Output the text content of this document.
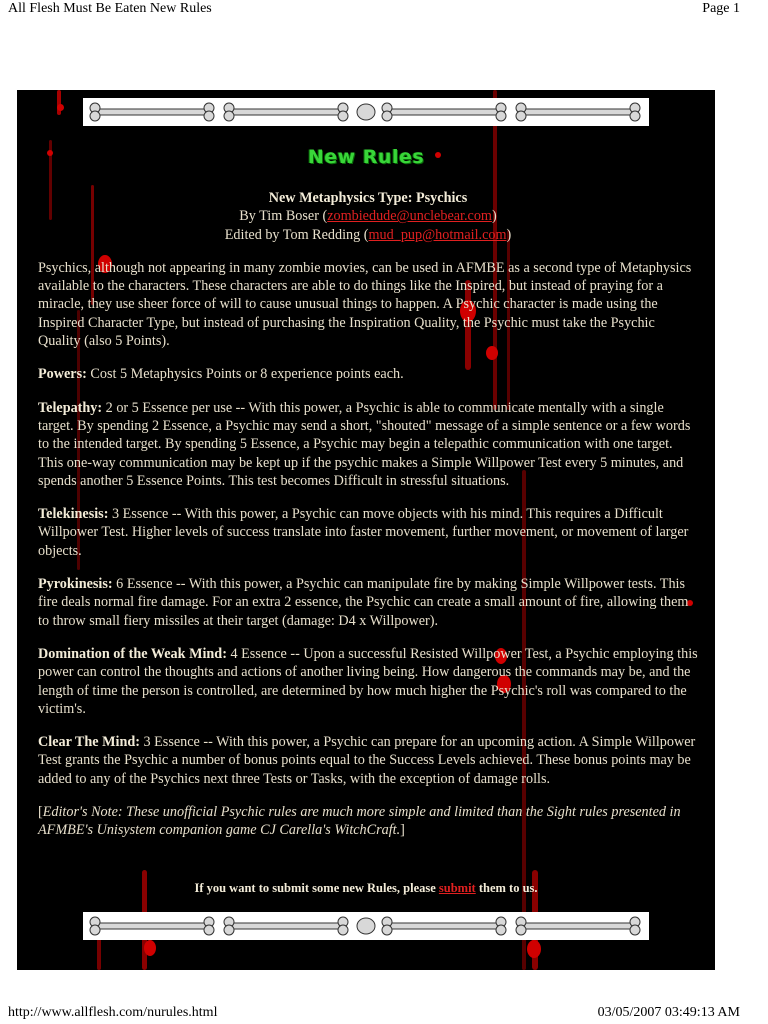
All Flesh Must Be Eaten New Rules	Page 1
New Rules
New Metaphysics Type: Psychics
By Tim Boser (zombiedude@unclebear.com)
Edited by Tom Redding (mud_pup@hotmail.com)

Psychics, although not appearing in many zombie movies, can be used in AFMBE as a second type of Metaphysics available to the characters. These characters are able to do things like the Inspired, but instead of praying for a miracle, they use sheer force of will to cause unusual things to happen. A Psychic character is made using the Inspired Character Type, but instead of purchasing the Inspiration Quality, the Psychic must take the Psychic Quality (also 5 Points).

Powers: Cost 5 Metaphysics Points or 8 experience points each.

Telepathy: 2 or 5 Essence per use -- With this power, a Psychic is able to communicate mentally with a single target. By spending 2 Essence, a Psychic may send a short, "shouted" message of a simple sentence or a few words to the intended target. By spending 5 Essence, a Psychic may begin a telepathic communication with one target. This one-way communication may be kept up if the psychic makes a Simple Willpower Test every 5 minutes, and spends another 5 Essence Points. This test becomes Difficult in stressful situations.

Telekinesis: 3 Essence -- With this power, a Psychic can move objects with his mind. This requires a Difficult Willpower Test. Higher levels of success translate into faster movement, further movement, or movement of larger objects.

Pyrokinesis: 6 Essence -- With this power, a Psychic can manipulate fire by making Simple Willpower tests. This fire deals normal fire damage. For an extra 2 essence, the Psychic can create a small amount of fire, allowing them to throw small fiery missiles at their target (damage: D4 x Willpower).

Domination of the Weak Mind: 4 Essence -- Upon a successful Resisted Willpower Test, a Psychic employing this power can control the thoughts and actions of another living being. How dangerous the commands may be, and the length of time the person is controlled, are determined by how much higher the Psychic's roll was compared to the victim's.

Clear The Mind: 3 Essence -- With this power, a Psychic can prepare for an upcoming action. A Simple Willpower Test grants the Psychic a number of bonus points equal to the Success Levels achieved. These bonus points may be added to any of the Psychics next three Tests or Tasks, with the exception of damage rolls.

[Editor's Note: These unofficial Psychic rules are much more simple and limited than the Sight rules presented in AFMBE's Unisystem companion game CJ Carella's WitchCraft.]

If you want to submit some new Rules, please submit them to us.
http://www.allflesh.com/nurules.html	03/05/2007 03:49:13 AM
